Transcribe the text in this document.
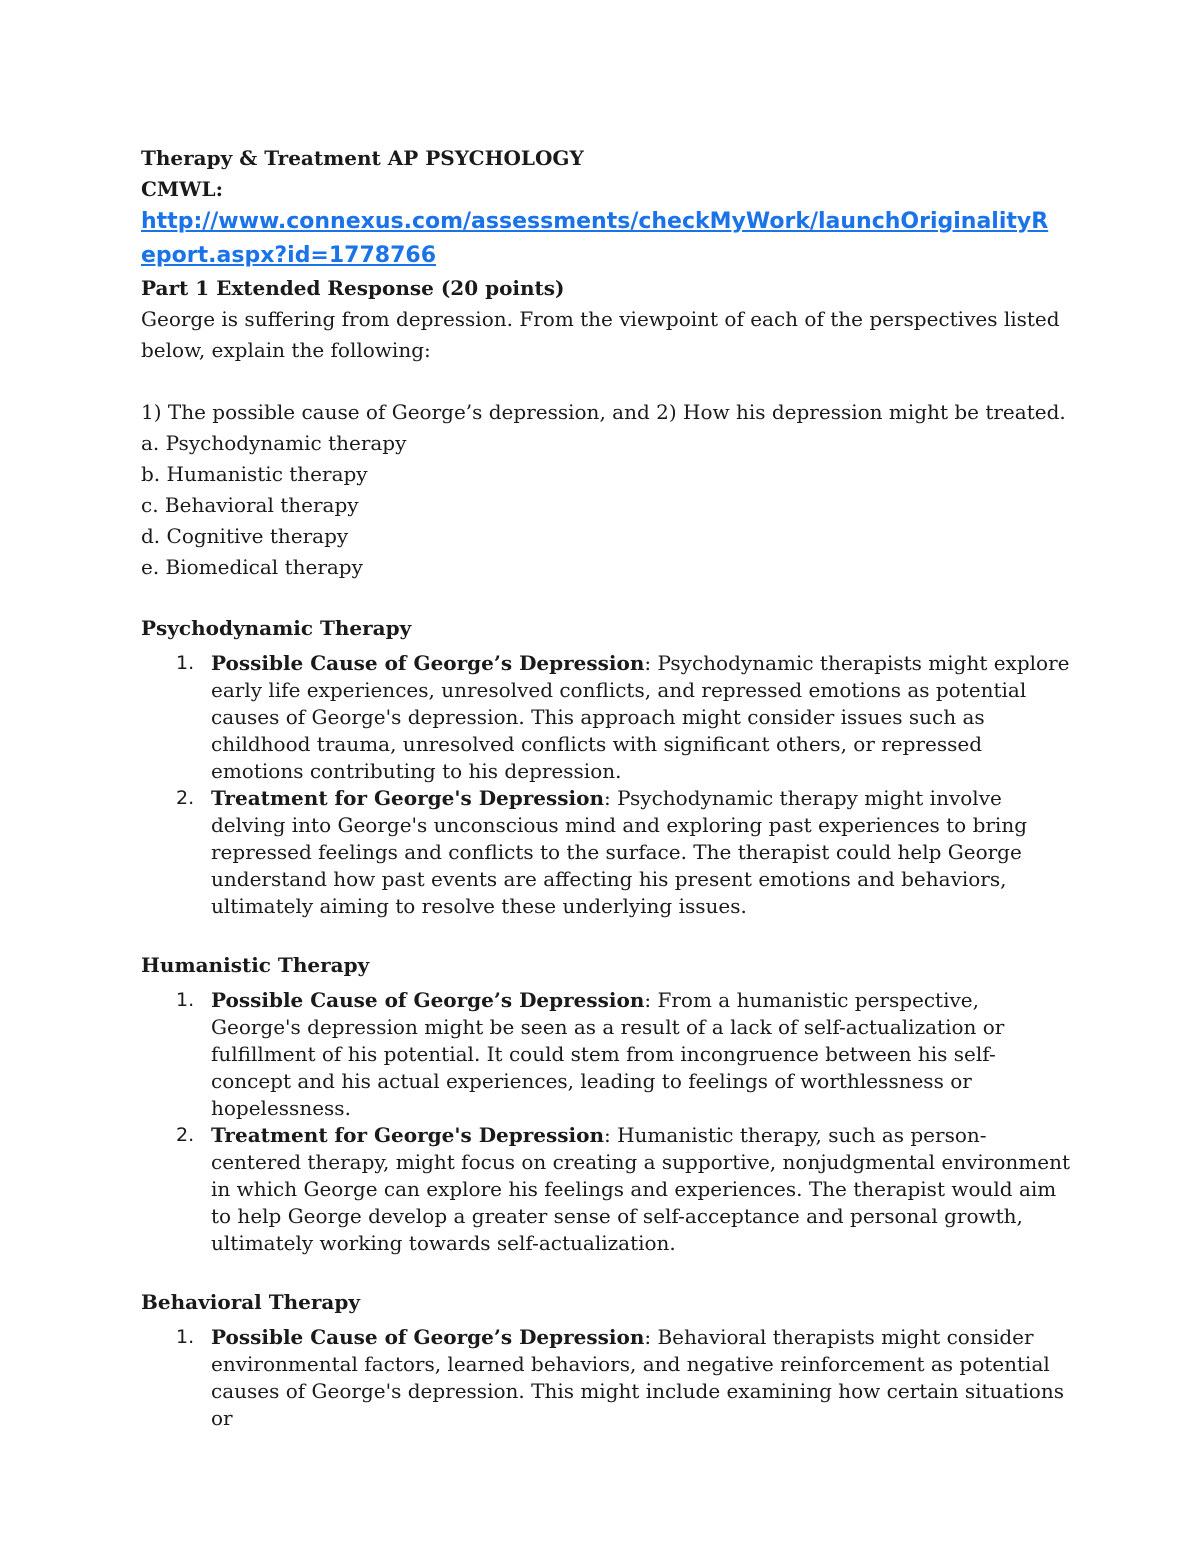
Therapy & Treatment AP PSYCHOLOGY
CMWL:
http://www.connexus.com/assessments/checkMyWork/launchOriginalityReport.aspx?id=1778766
Part 1 Extended Response (20 points)
George is suffering from depression. From the viewpoint of each of the perspectives listed
below, explain the following:
1) The possible cause of George’s depression, and 2) How his depression might be treated.
a. Psychodynamic therapy
b. Humanistic therapy
c. Behavioral therapy
d. Cognitive therapy
e. Biomedical therapy
Psychodynamic Therapy
1. Possible Cause of George’s Depression: Psychodynamic therapists might explore early life experiences, unresolved conflicts, and repressed emotions as potential causes of George's depression. This approach might consider issues such as childhood trauma, unresolved conflicts with significant others, or repressed emotions contributing to his depression.
2. Treatment for George's Depression: Psychodynamic therapy might involve delving into George's unconscious mind and exploring past experiences to bring repressed feelings and conflicts to the surface. The therapist could help George understand how past events are affecting his present emotions and behaviors, ultimately aiming to resolve these underlying issues.
Humanistic Therapy
1. Possible Cause of George’s Depression: From a humanistic perspective, George's depression might be seen as a result of a lack of self-actualization or fulfillment of his potential. It could stem from incongruence between his self-concept and his actual experiences, leading to feelings of worthlessness or hopelessness.
2. Treatment for George's Depression: Humanistic therapy, such as person-centered therapy, might focus on creating a supportive, nonjudgmental environment in which George can explore his feelings and experiences. The therapist would aim to help George develop a greater sense of self-acceptance and personal growth, ultimately working towards self-actualization.
Behavioral Therapy
1. Possible Cause of George’s Depression: Behavioral therapists might consider environmental factors, learned behaviors, and negative reinforcement as potential causes of George's depression. This might include examining how certain situations or
